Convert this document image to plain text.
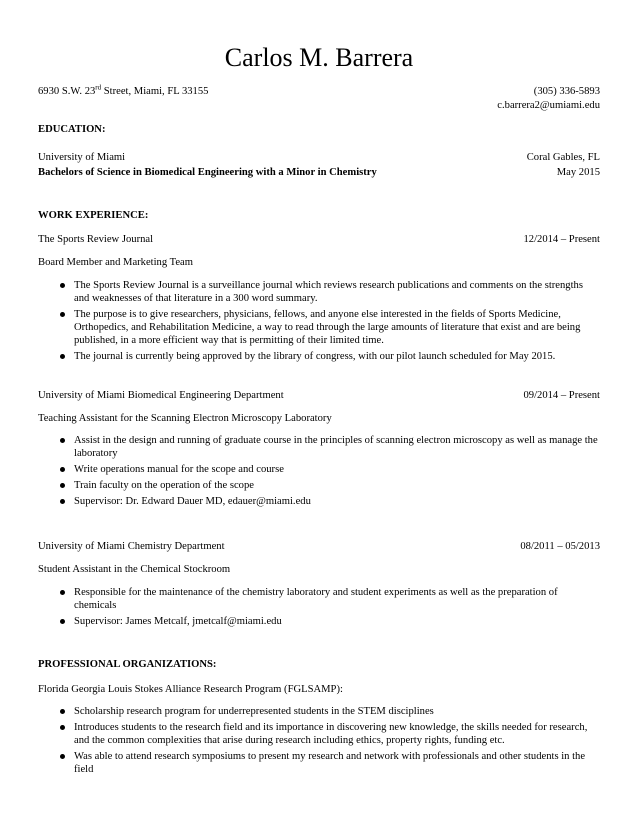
Carlos M. Barrera
6930 S.W. 23rd Street, Miami, FL 33155	(305) 336-5893
c.barrera2@umiami.edu
EDUCATION:
University of Miami	Coral Gables, FL
Bachelors of Science in Biomedical Engineering with a Minor in Chemistry	May 2015
WORK EXPERIENCE:
The Sports Review Journal	12/2014 – Present
Board Member and Marketing Team
The Sports Review Journal is a surveillance journal which reviews research publications and comments on the strengths and weaknesses of that literature in a 300 word summary.
The purpose is to give researchers, physicians, fellows, and anyone else interested in the fields of Sports Medicine, Orthopedics, and Rehabilitation Medicine, a way to read through the large amounts of literature that exist and are being published, in a more efficient way that is permitting of their limited time.
The journal is currently being approved by the library of congress, with our pilot launch scheduled for May 2015.
University of Miami Biomedical Engineering Department	09/2014 – Present
Teaching Assistant for the Scanning Electron Microscopy Laboratory
Assist in the design and running of graduate course in the principles of scanning electron microscopy as well as manage the laboratory
Write operations manual for the scope and course
Train faculty on the operation of the scope
Supervisor: Dr. Edward Dauer MD, edauer@miami.edu
University of Miami Chemistry Department	08/2011 – 05/2013
Student Assistant in the Chemical Stockroom
Responsible for the maintenance of the chemistry laboratory and student experiments as well as the preparation of chemicals
Supervisor: James Metcalf, jmetcalf@miami.edu
PROFESSIONAL ORGANIZATIONS:
Florida Georgia Louis Stokes Alliance Research Program (FGLSAMP):
Scholarship research program for underrepresented students in the STEM disciplines
Introduces students to the research field and its importance in discovering new knowledge, the skills needed for research, and the common complexities that arise during research including ethics, property rights, funding etc.
Was able to attend research symposiums to present my research and network with professionals and other students in the field
